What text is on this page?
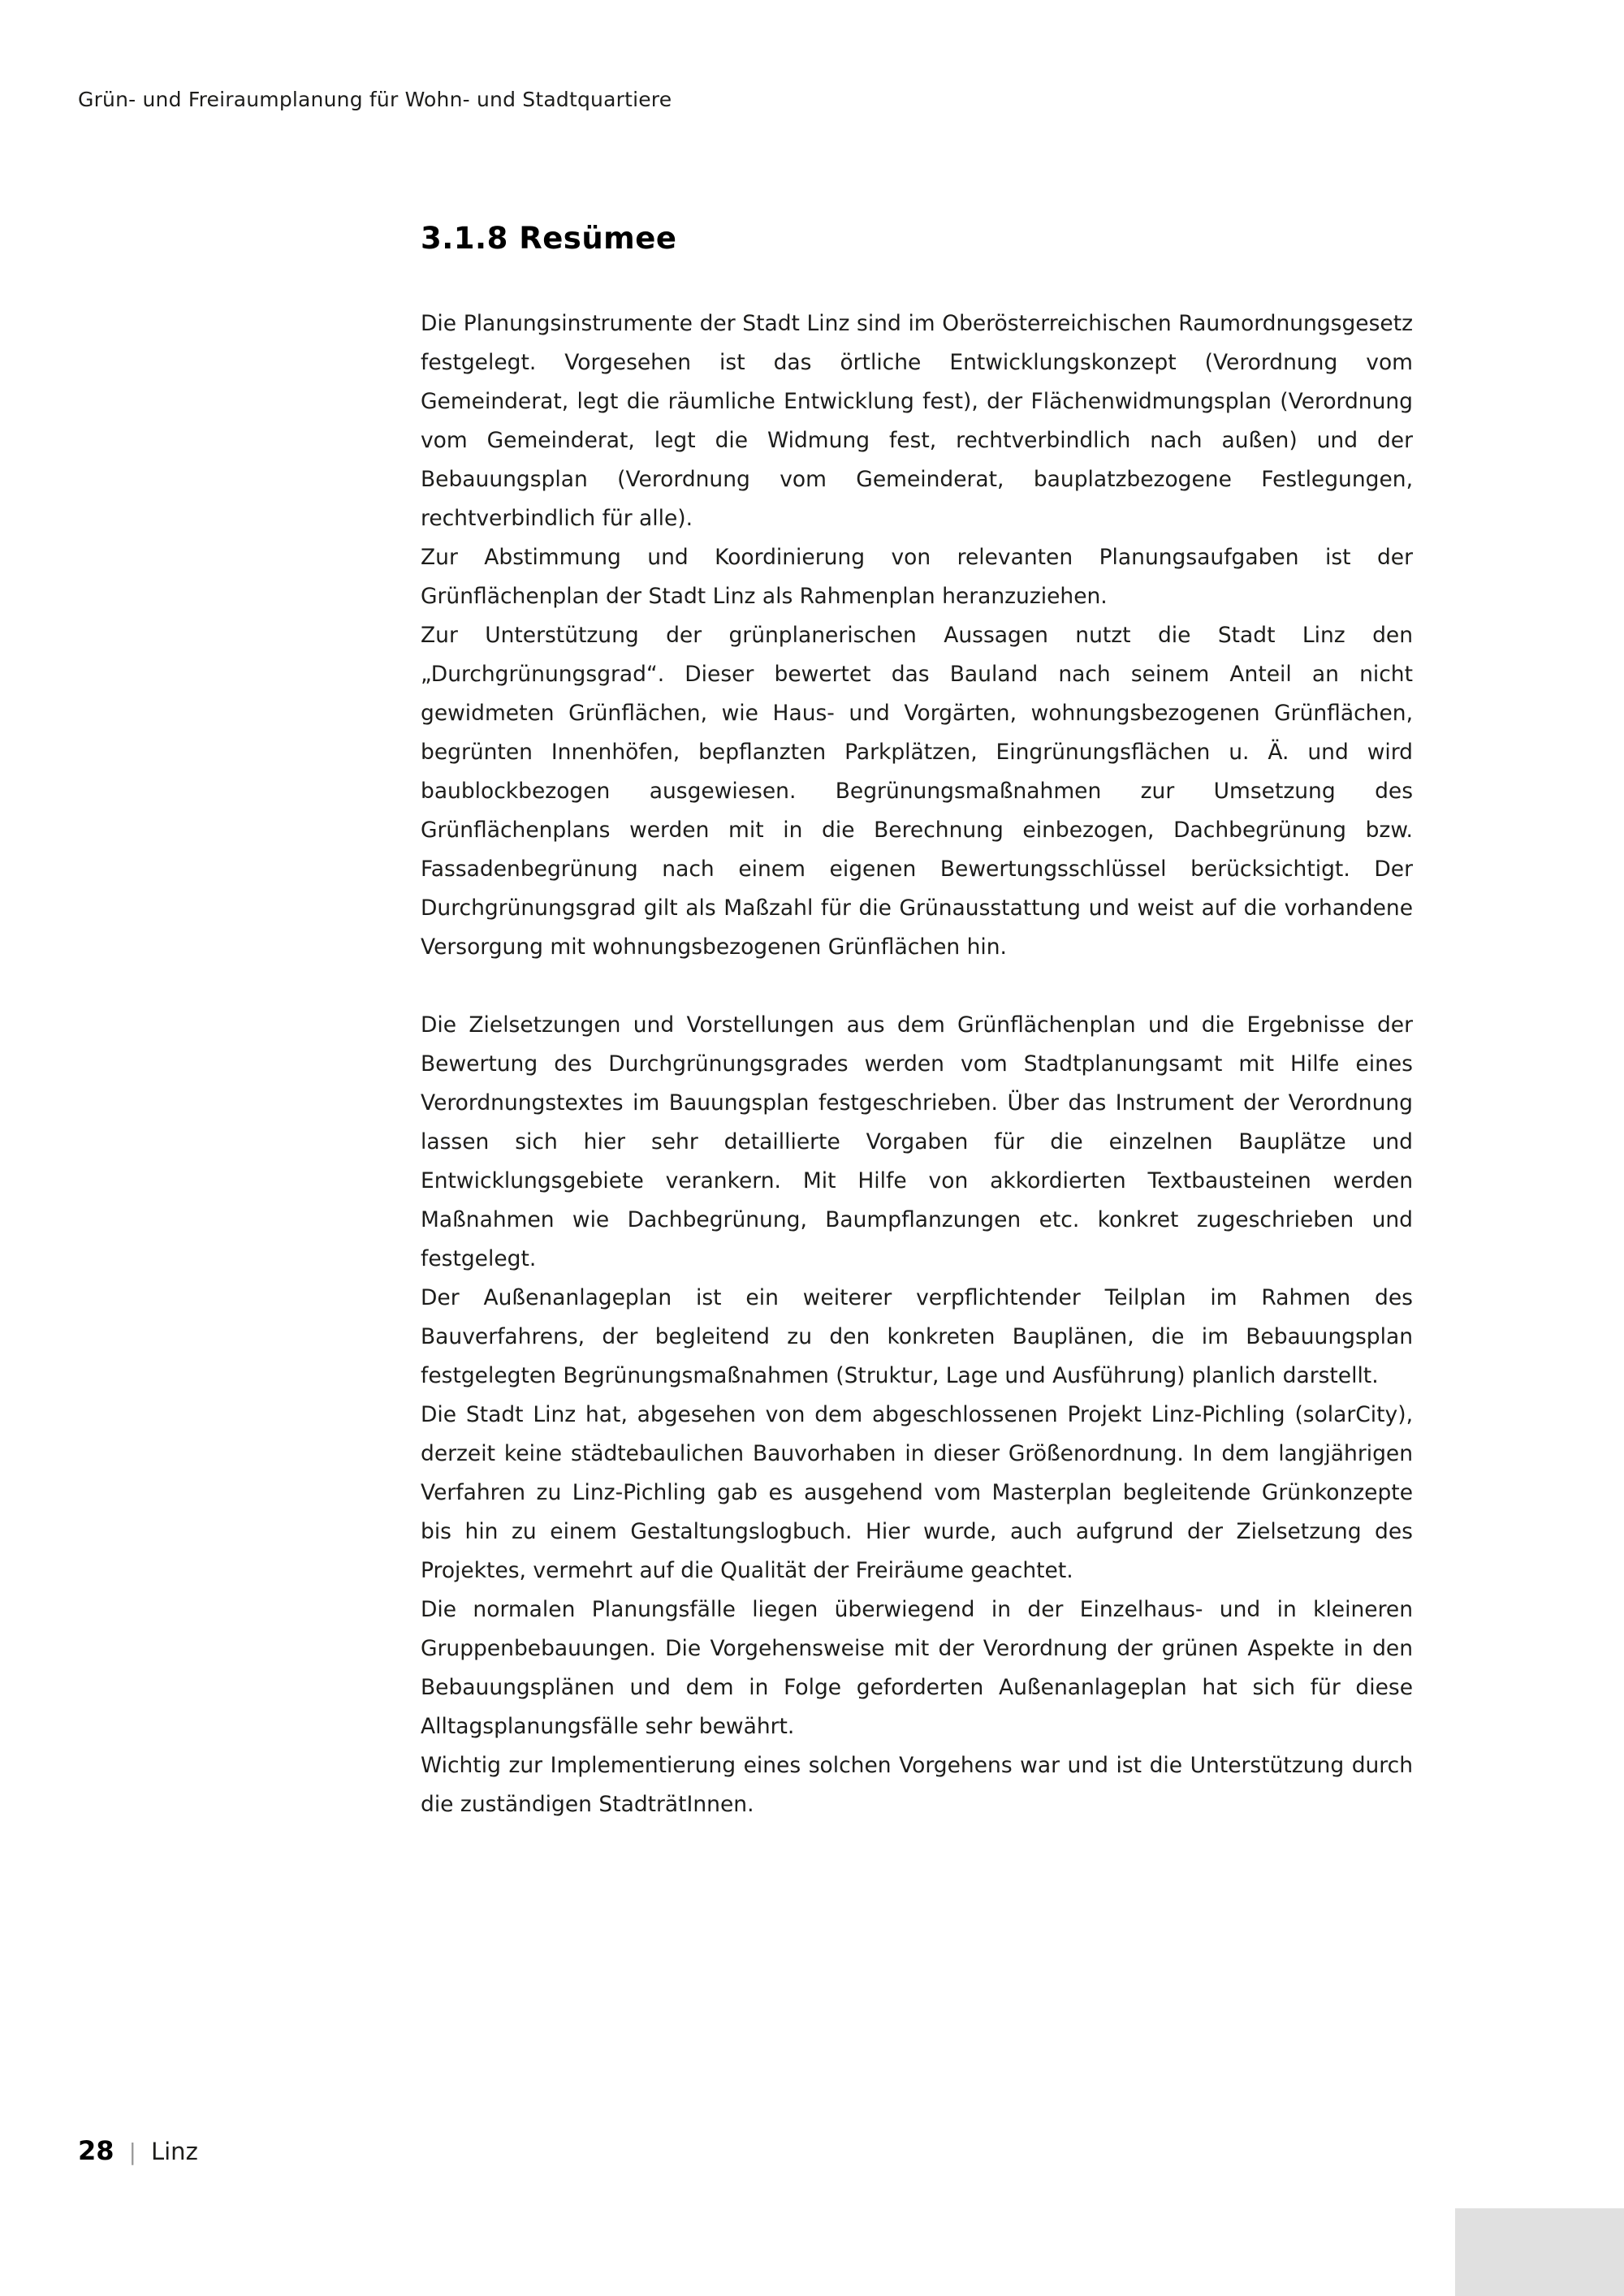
Grün- und Freiraumplanung für Wohn- und Stadtquartiere
3.1.8 Resümee

Die Planungsinstrumente der Stadt Linz sind im Oberösterreichischen Raumordnungsgesetz festgelegt. Vorgesehen ist das örtliche Entwicklungskonzept (Verordnung vom Gemeinderat, legt die räumliche Entwicklung fest), der Flächenwidmungsplan (Verordnung vom Gemeinderat, legt die Widmung fest, rechtverbindlich nach außen) und der Bebauungsplan (Verordnung vom Gemeinderat, bauplatzbezogene Festlegungen, rechtverbindlich für alle).

Zur Abstimmung und Koordinierung von relevanten Planungsaufgaben ist der Grünflächenplan der Stadt Linz als Rahmenplan heranzuziehen.

Zur Unterstützung der grünplanerischen Aussagen nutzt die Stadt Linz den „Durchgrünungsgrad“. Dieser bewertet das Bauland nach seinem Anteil an nicht gewidmeten Grünflächen, wie Haus- und Vorgärten, wohnungsbezogenen Grünflächen, begrünten Innenhöfen, bepflanzten Parkplätzen, Eingrünungsflächen u. Ä. und wird baublockbezogen ausgewiesen. Begrünungsmaßnahmen zur Umsetzung des Grünflächenplans werden mit in die Berechnung einbezogen, Dachbegrünung bzw. Fassadenbegrünung nach einem eigenen Bewertungsschlüssel berücksichtigt. Der Durchgrünungsgrad gilt als Maßzahl für die Grünausstattung und weist auf die vorhandene Versorgung mit wohnungsbezogenen Grünflächen hin.

Die Zielsetzungen und Vorstellungen aus dem Grünflächenplan und die Ergebnisse der Bewertung des Durchgrünungsgrades werden vom Stadtplanungsamt mit Hilfe eines Verordnungstextes im Bauungsplan festgeschrieben. Über das Instrument der Verordnung lassen sich hier sehr detaillierte Vorgaben für die einzelnen Bauplätze und Entwicklungsgebiete verankern. Mit Hilfe von akkordierten Textbausteinen werden Maßnahmen wie Dachbegrünung, Baumpflanzungen etc. konkret zugeschrieben und festgelegt.

Der Außenanlageplan ist ein weiterer verpflichtender Teilplan im Rahmen des Bauverfahrens, der begleitend zu den konkreten Bauplänen, die im Bebauungsplan festgelegten Begrünungsmaßnahmen (Struktur, Lage und Ausführung) planlich darstellt.

Die Stadt Linz hat, abgesehen von dem abgeschlossenen Projekt Linz-Pichling (solarCity), derzeit keine städtebaulichen Bauvorhaben in dieser Größenordnung. In dem langjährigen Verfahren zu Linz-Pichling gab es ausgehend vom Masterplan begleitende Grünkonzepte bis hin zu einem Gestaltungslogbuch. Hier wurde, auch aufgrund der Zielsetzung des Projektes, vermehrt auf die Qualität der Freiräume geachtet.

Die normalen Planungsfälle liegen überwiegend in der Einzelhaus- und in kleineren Gruppenbebauungen. Die Vorgehensweise mit der Verordnung der grünen Aspekte in den Bebauungsplänen und dem in Folge geforderten Außenanlageplan hat sich für diese Alltagsplanungsfälle sehr bewährt.

Wichtig zur Implementierung eines solchen Vorgehens war und ist die Unterstützung durch die zuständigen StadträtInnen.

28 | Linz
